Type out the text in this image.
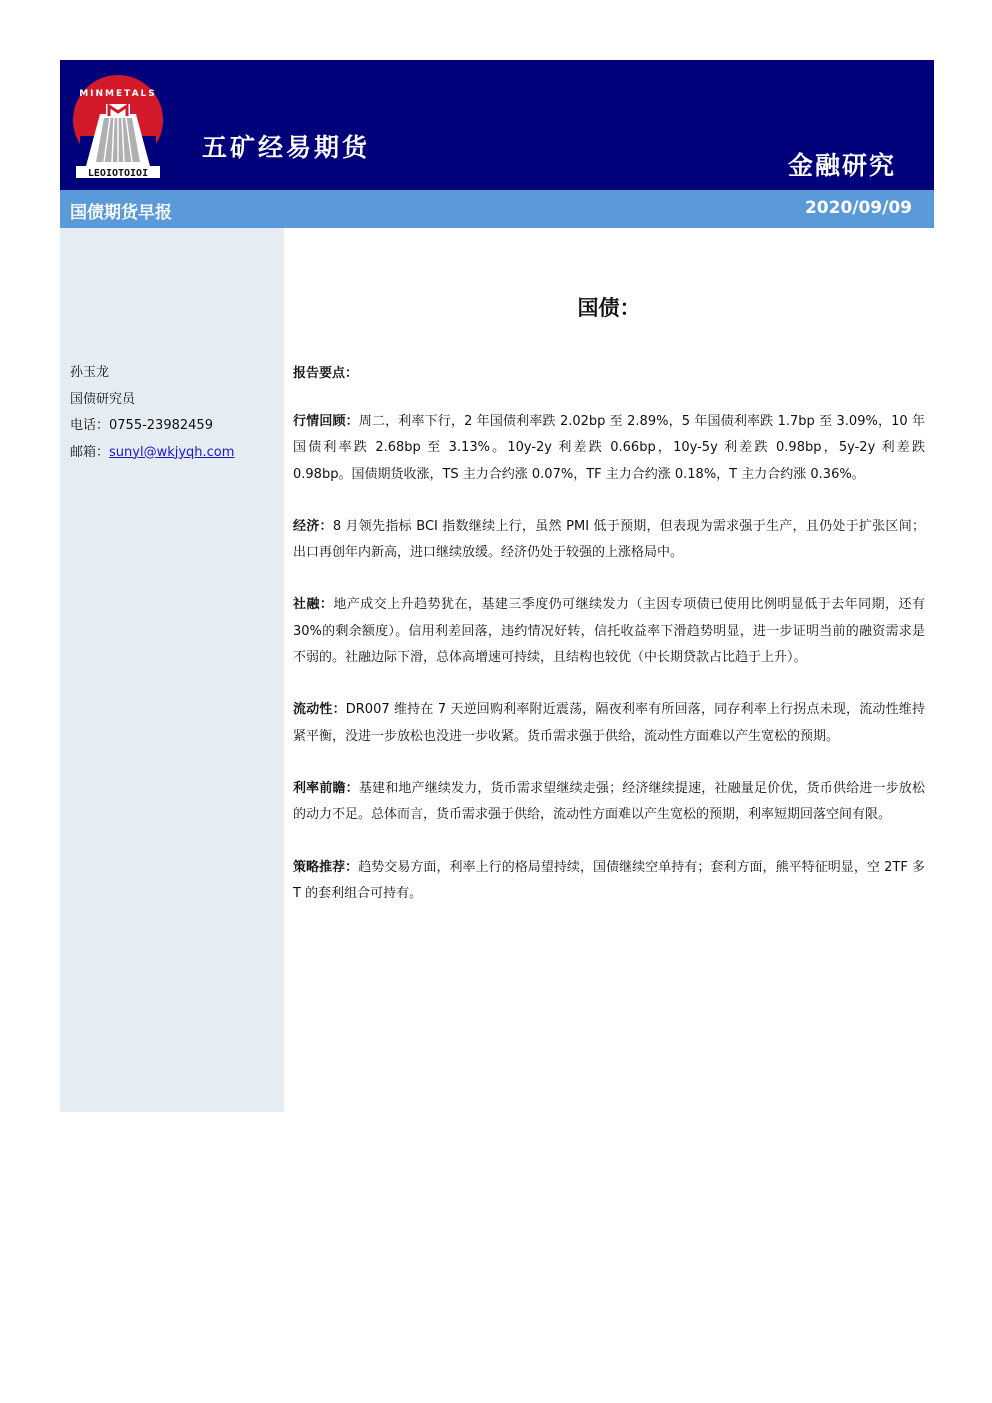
MINMETALS
LEOIOTOIOI
五矿经易期货
金融研究
国债期货早报	2020/09/09
孙玉龙
国债研究员
电话：0755-23982459
邮箱：sunyl@wkjyqh.com
国债：
报告要点：

行情回顾：周二，利率下行，2 年国债利率跌 2.02bp 至 2.89%，5 年国债利率跌 1.7bp 至 3.09%，10 年国债利率跌 2.68bp 至 3.13%。10y-2y 利差跌 0.66bp，10y-5y 利差跌 0.98bp，5y-2y 利差跌 0.98bp。国债期货收涨，TS 主力合约涨 0.07%，TF 主力合约涨 0.18%，T 主力合约涨 0.36%。

经济：8 月领先指标 BCI 指数继续上行，虽然 PMI 低于预期，但表现为需求强于生产，且仍处于扩张区间；出口再创年内新高，进口继续放缓。经济仍处于较强的上涨格局中。

社融：地产成交上升趋势犹在，基建三季度仍可继续发力（主因专项债已使用比例明显低于去年同期，还有 30%的剩余额度）。信用利差回落，违约情况好转，信托收益率下滑趋势明显，进一步证明当前的融资需求是不弱的。社融边际下滑，总体高增速可持续，且结构也较优（中长期贷款占比趋于上升）。

流动性：DR007 维持在 7 天逆回购利率附近震荡，隔夜利率有所回落，同存利率上行拐点未现，流动性维持紧平衡，没进一步放松也没进一步收紧。货币需求强于供给，流动性方面难以产生宽松的预期。

利率前瞻：基建和地产继续发力，货币需求望继续走强；经济继续提速，社融量足价优，货币供给进一步放松的动力不足。总体而言，货币需求强于供给，流动性方面难以产生宽松的预期，利率短期回落空间有限。

策略推荐：趋势交易方面，利率上行的格局望持续，国债继续空单持有；套利方面，熊平特征明显，空 2TF 多 T 的套利组合可持有。
